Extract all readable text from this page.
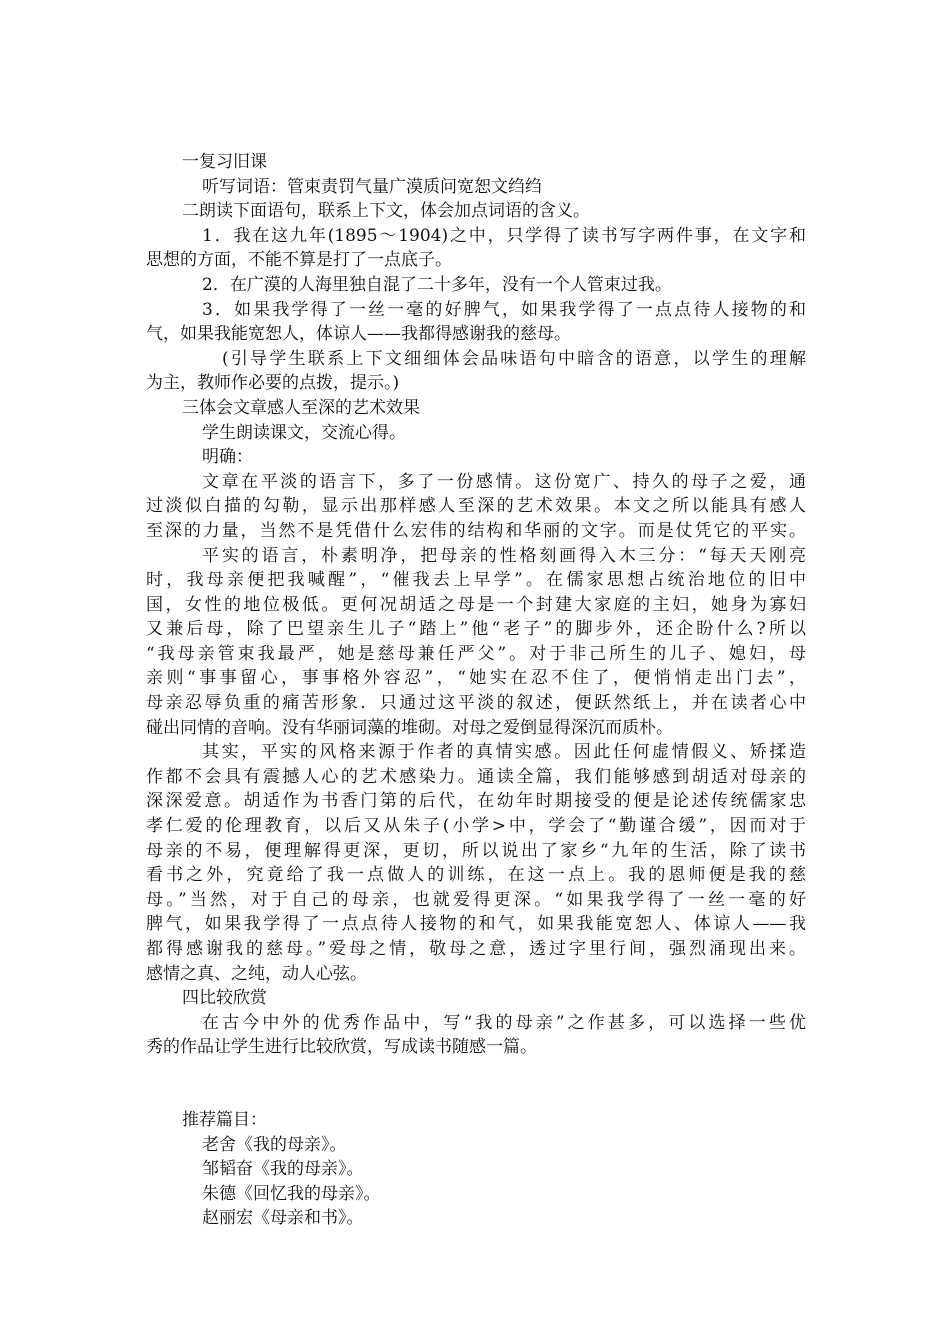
一复习旧课
听写词语：管束责罚气量广漠质问宽恕文绉绉
二朗读下面语句，联系上下文，体会加点词语的含义。
1．我在这九年(1895～1904)之中，只学得了读书写字两件事，在文字和
思想的方面，不能不算是打了一点底子。
2．在广漠的人海里独自混了二十多年，没有一个人管束过我。
3．如果我学得了一丝一毫的好脾气，如果我学得了一点点待人接物的和
气，如果我能宽恕人，体谅人——我都得感谢我的慈母。
(引导学生联系上下文细细体会品味语句中暗含的语意，以学生的理解
为主，教师作必要的点拨，提示。)
三体会文章感人至深的艺术效果
学生朗读课文，交流心得。
明确：
文章在平淡的语言下，多了一份感情。这份宽广、持久的母子之爱，通
过淡似白描的勾勒，显示出那样感人至深的艺术效果。本文之所以能具有感人
至深的力量，当然不是凭借什么宏伟的结构和华丽的文字。而是仗凭它的平实。
平实的语言，朴素明净，把母亲的性格刻画得入木三分：“每天天刚亮
时，我母亲便把我喊醒”，“催我去上早学”。在儒家思想占统治地位的旧中
国，女性的地位极低。更何况胡适之母是一个封建大家庭的主妇，她身为寡妇
又兼后母，除了巴望亲生儿子“踏上”他“老子”的脚步外，还企盼什么?所以
“我母亲管束我最严，她是慈母兼任严父”。对于非己所生的儿子、媳妇，母
亲则“事事留心，事事格外容忍”，“她实在忍不住了，便悄悄走出门去”，
母亲忍辱负重的痛苦形象．只通过这平淡的叙述，便跃然纸上，并在读者心中
碰出同情的音响。没有华丽词藻的堆砌。对母之爱倒显得深沉而质朴。
其实，平实的风格来源于作者的真情实感。因此任何虚情假义、矫揉造
作都不会具有震撼人心的艺术感染力。通读全篇，我们能够感到胡适对母亲的
深深爱意。胡适作为书香门第的后代，在幼年时期接受的便是论述传统儒家忠
孝仁爱的伦理教育，以后又从朱子(小学>中，学会了“勤谨合缓”，因而对于
母亲的不易，便理解得更深，更切，所以说出了家乡“九年的生活，除了读书
看书之外，究竟给了我一点做人的训练，在这一点上。我的恩师便是我的慈
母。”当然，对于自己的母亲，也就爱得更深。“如果我学得了一丝一毫的好
脾气，如果我学得了一点点待人接物的和气，如果我能宽恕人、体谅人——我
都得感谢我的慈母。”爱母之情，敬母之意，透过字里行间，强烈涌现出来。
感情之真、之纯，动人心弦。
四比较欣赏
在古今中外的优秀作品中，写“我的母亲”之作甚多，可以选择一些优
秀的作品让学生进行比较欣赏，写成读书随感一篇。
推荐篇目：
老舍《我的母亲》。
邹韬奋《我的母亲》。
朱德《回忆我的母亲》。
赵丽宏《母亲和书》。
